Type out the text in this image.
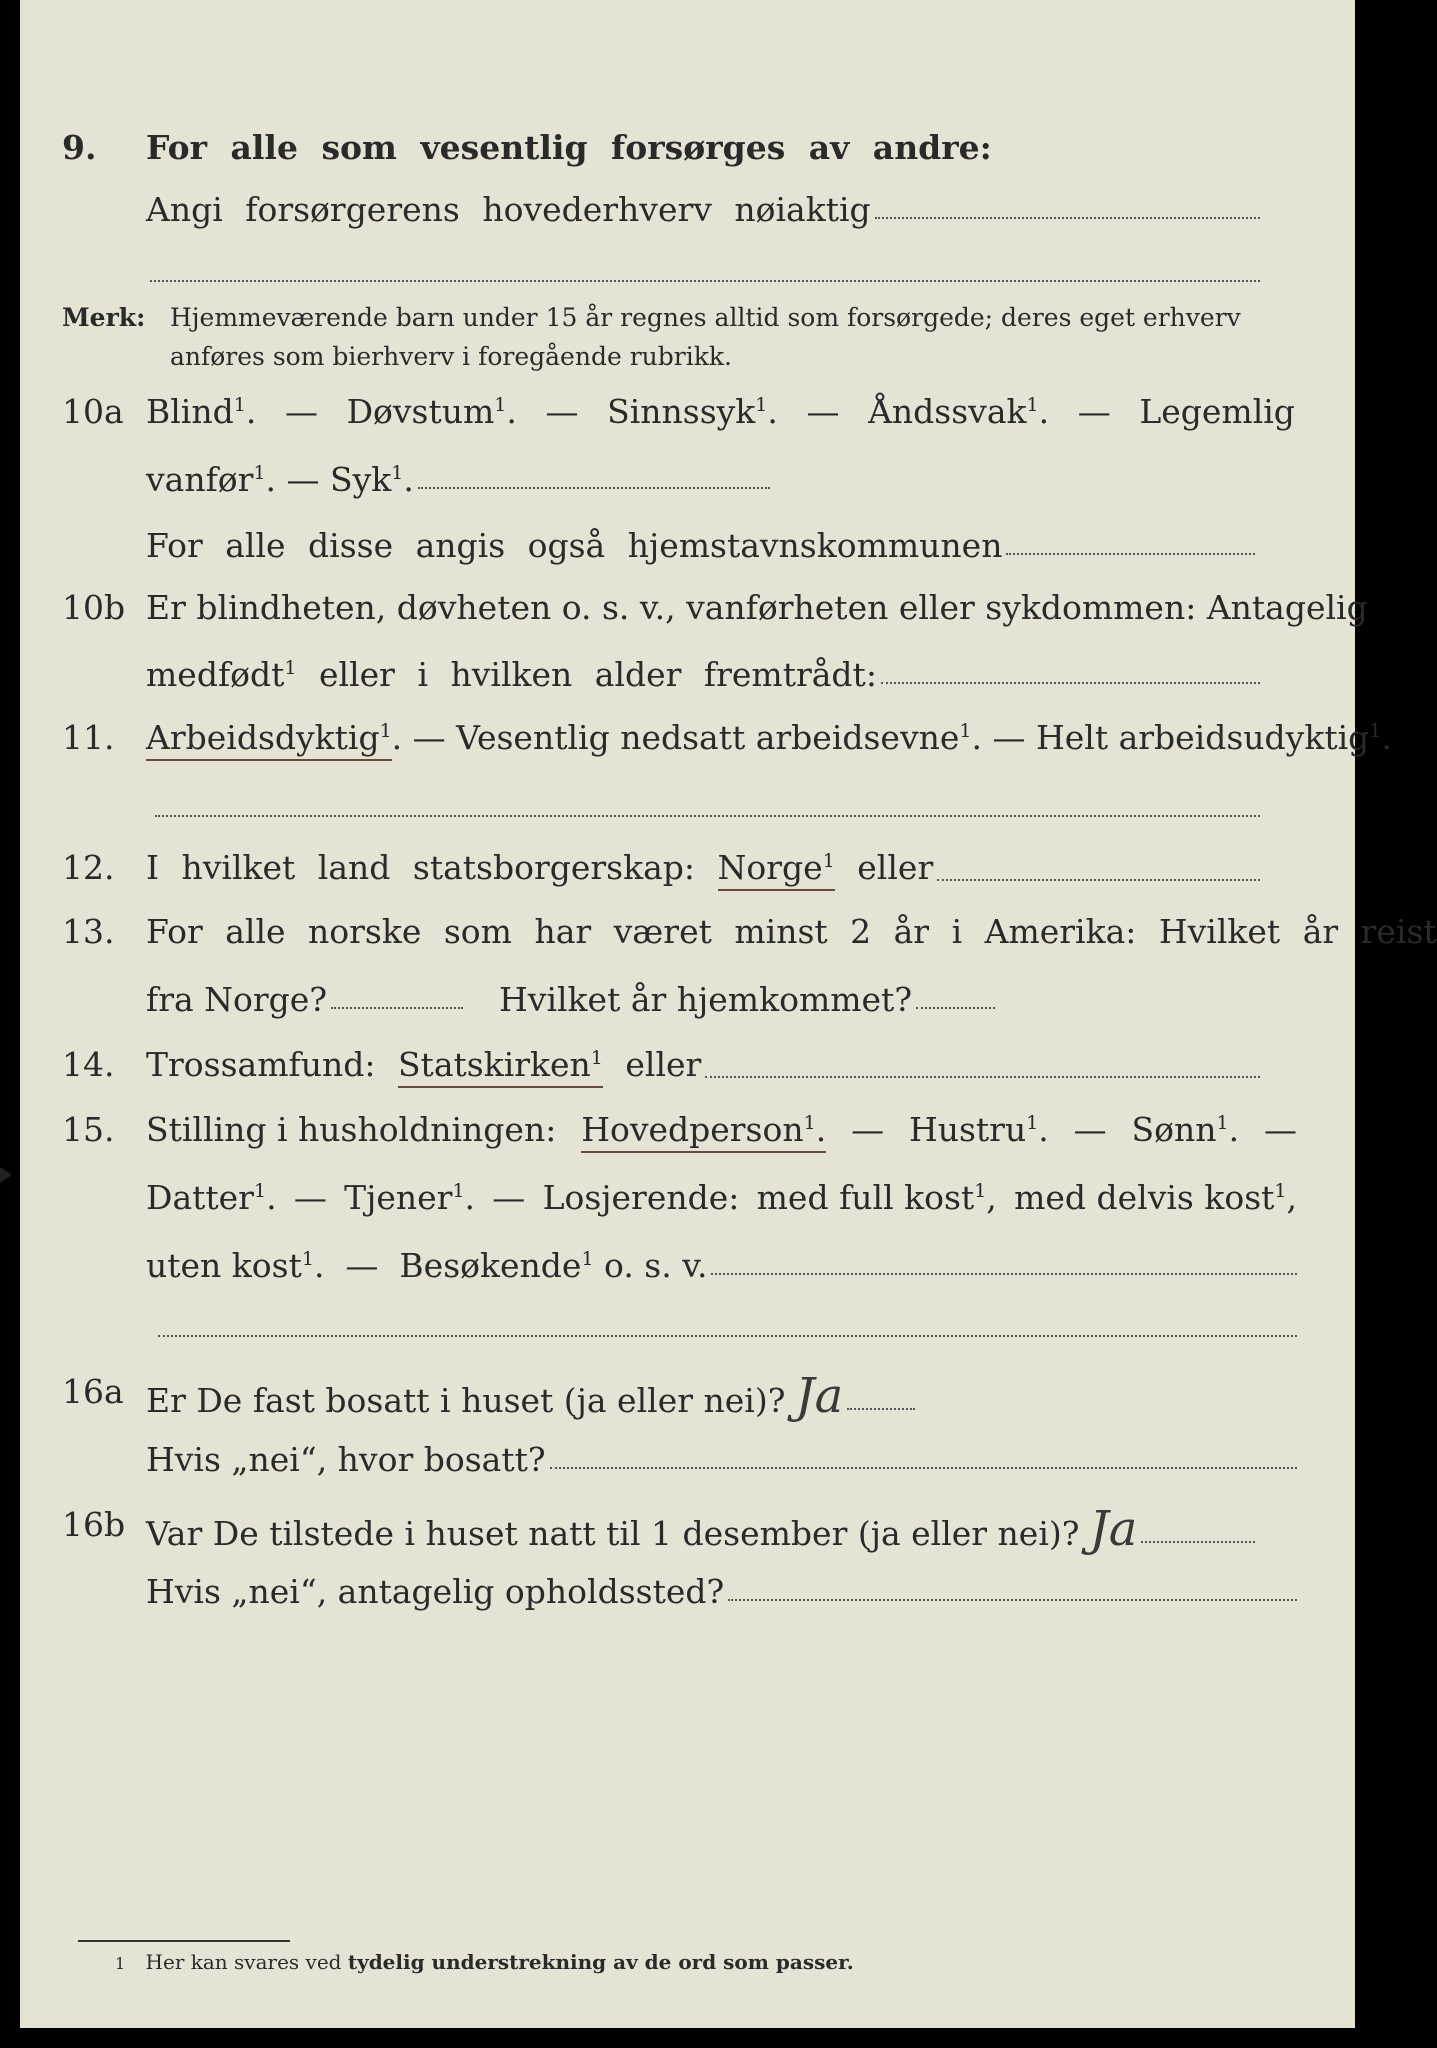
9. For alle som vesentlig forsørges av andre:
Angi forsørgerens hovederhverv nøiaktig
Merk: Hjemmeværende barn under 15 år regnes alltid som forsørgede; deres eget erhverv anføres som bierhverv i foregående rubrikk.
10a Blind$^1$. — Døvstum$^1$. — Sinnssyk$^1$. — Åndssvak$^1$. — Legemlig
vanfør$^1$.
—
Syk$^1$.
For alle disse angis også hjemstavnskommunen
10b Er blindheten, døvheten o. s. v., vanførheten eller sykdommen: Antagelig
medfødt$^1$
eller i hvilken alder fremtrådt:
11. Arbeidsdyktig$^1$ . — Vesentlig nedsatt arbeidsevne$^1$ . — Helt arbeidsudyktig$^1$ .
12. I hvilket land statsborgerskap:
Norge$^1$
eller
13. For alle norske som har været minst 2 år i Amerika: Hvilket år reist
fra Norge?	Hvilket år hjemkommet?
14. Trossamfund:
Statskirken$^1$
eller
15. Stilling i husholdningen: Hovedperson$^1$. — Hustru$^1$. — Sønn$^1$. —
Datter$^1$. — Tjener$^1$. — Losjerende: med full kost$^1$, med delvis kost$^1$,
uten kost$^1$. — Besøkende$^1$
o. s. v.
16a Er De fast bosatt i huset (ja eller nei)? Ja
Hvis „nei“, hvor bosatt?
16b Var De tilstede i huset natt til 1 desember (ja eller nei)? Ja
Hvis „nei“, antagelig opholdssted?
1 Her kan svares ved tydelig understrekning av de ord som passer.
